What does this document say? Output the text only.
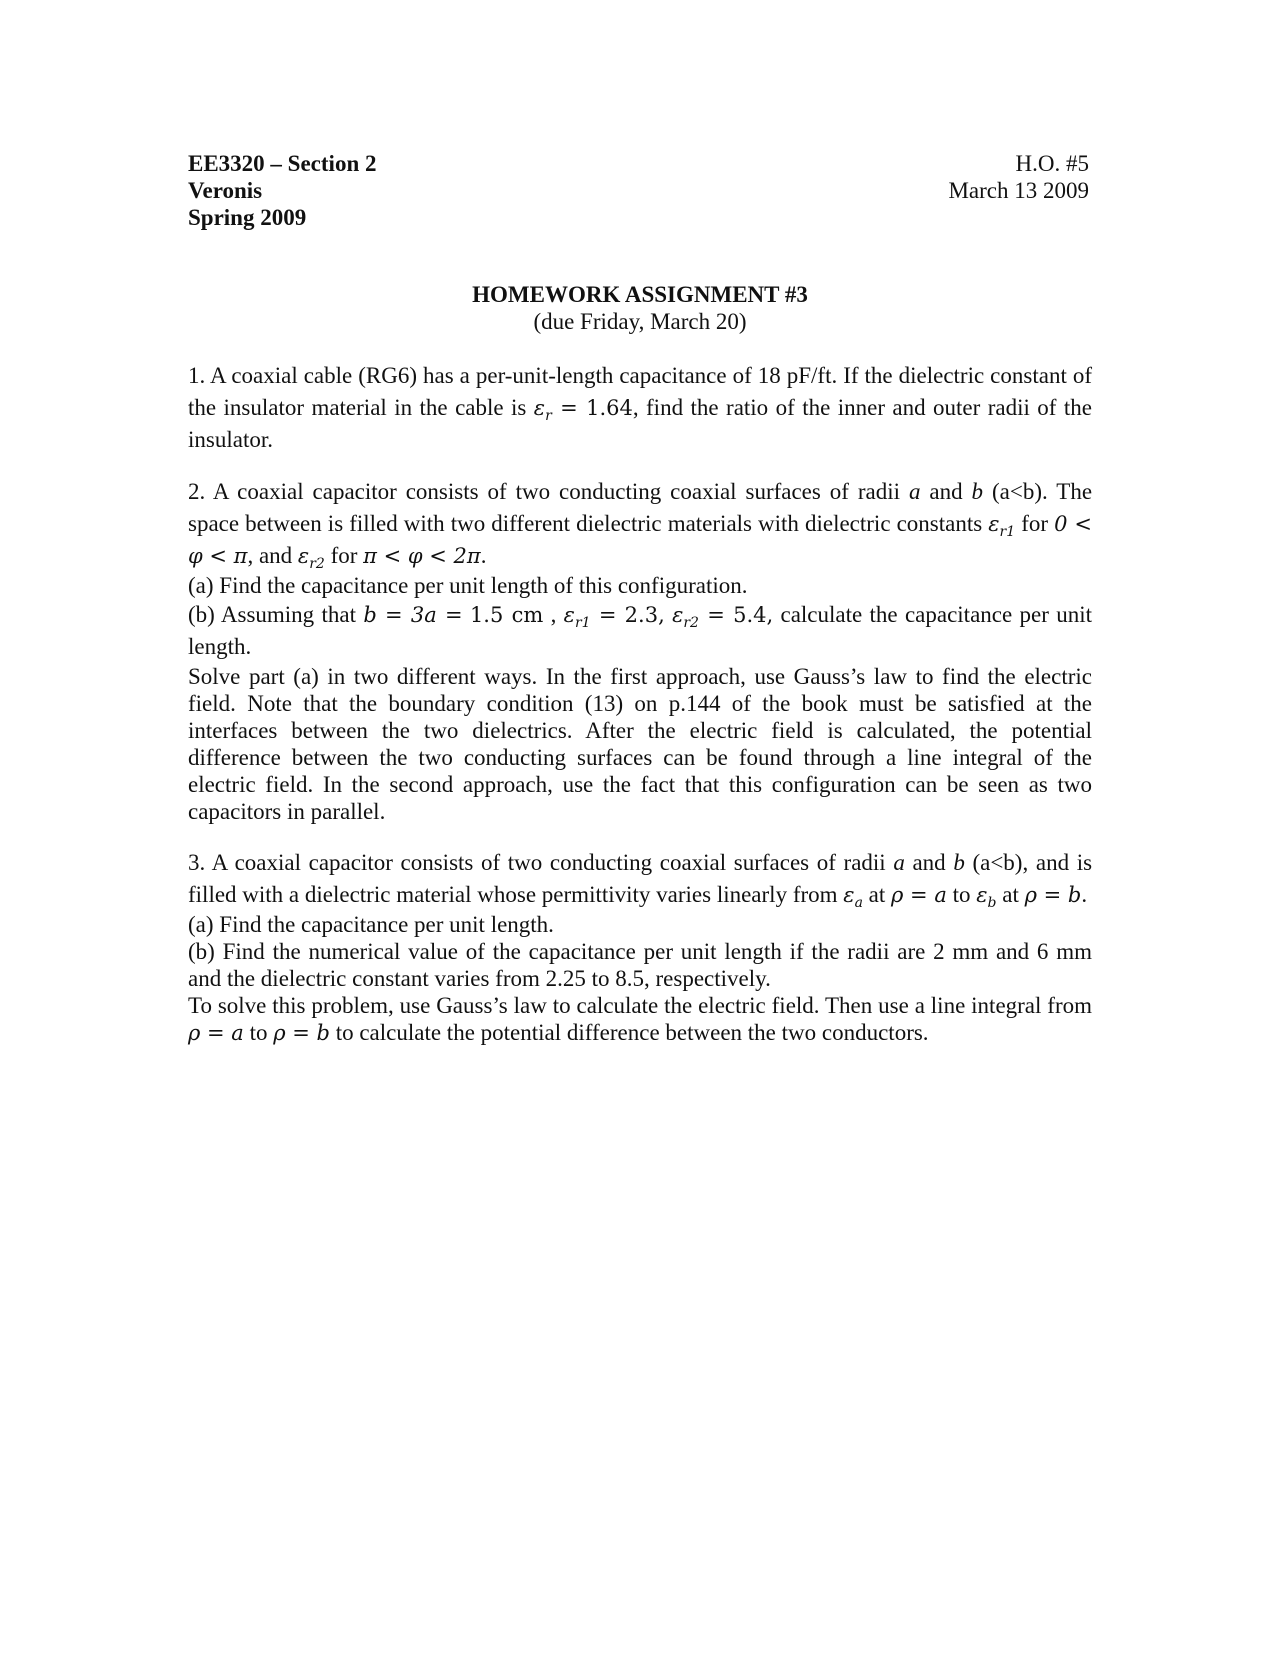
EE3320 – Section 2
Veronis
Spring 2009
H.O. #5
March 13 2009
HOMEWORK ASSIGNMENT #3
(due Friday, March 20)

1. A coaxial cable (RG6) has a per-unit-length capacitance of 18 pF/ft. If the dielectric constant of the insulator material in the cable is $\varepsilon_r = 1.64$, find the ratio of the inner and outer radii of the insulator.

2. A coaxial capacitor consists of two conducting coaxial surfaces of radii a and b (a<b). The space between is filled with two different dielectric materials with dielectric constants $\varepsilon_{r1}$ for 0 < φ < π, and $\varepsilon_{r2}$ for π < φ < 2π.

(a) Find the capacitance per unit length of this configuration.

(b) Assuming that b = 3a = 1.5 cm , $\varepsilon_{r1} = 2.3$, $\varepsilon_{r2} = 5.4$, calculate the capacitance per unit length.

Solve part (a) in two different ways. In the first approach, use Gauss’s law to find the electric field. Note that the boundary condition (13) on p.144 of the book must be satisfied at the interfaces between the two dielectrics. After the electric field is calculated, the potential difference between the two conducting surfaces can be found through a line integral of the electric field. In the second approach, use the fact that this configuration can be seen as two capacitors in parallel.

3. A coaxial capacitor consists of two conducting coaxial surfaces of radii a and b (a<b), and is filled with a dielectric material whose permittivity varies linearly from $\varepsilon_a$ at ρ = a to $\varepsilon_b$ at ρ = b.

(a) Find the capacitance per unit length.

(b) Find the numerical value of the capacitance per unit length if the radii are 2 mm and 6 mm and the dielectric constant varies from 2.25 to 8.5, respectively.

To solve this problem, use Gauss’s law to calculate the electric field. Then use a line integral from ρ = a to ρ = b to calculate the potential difference between the two conductors.
